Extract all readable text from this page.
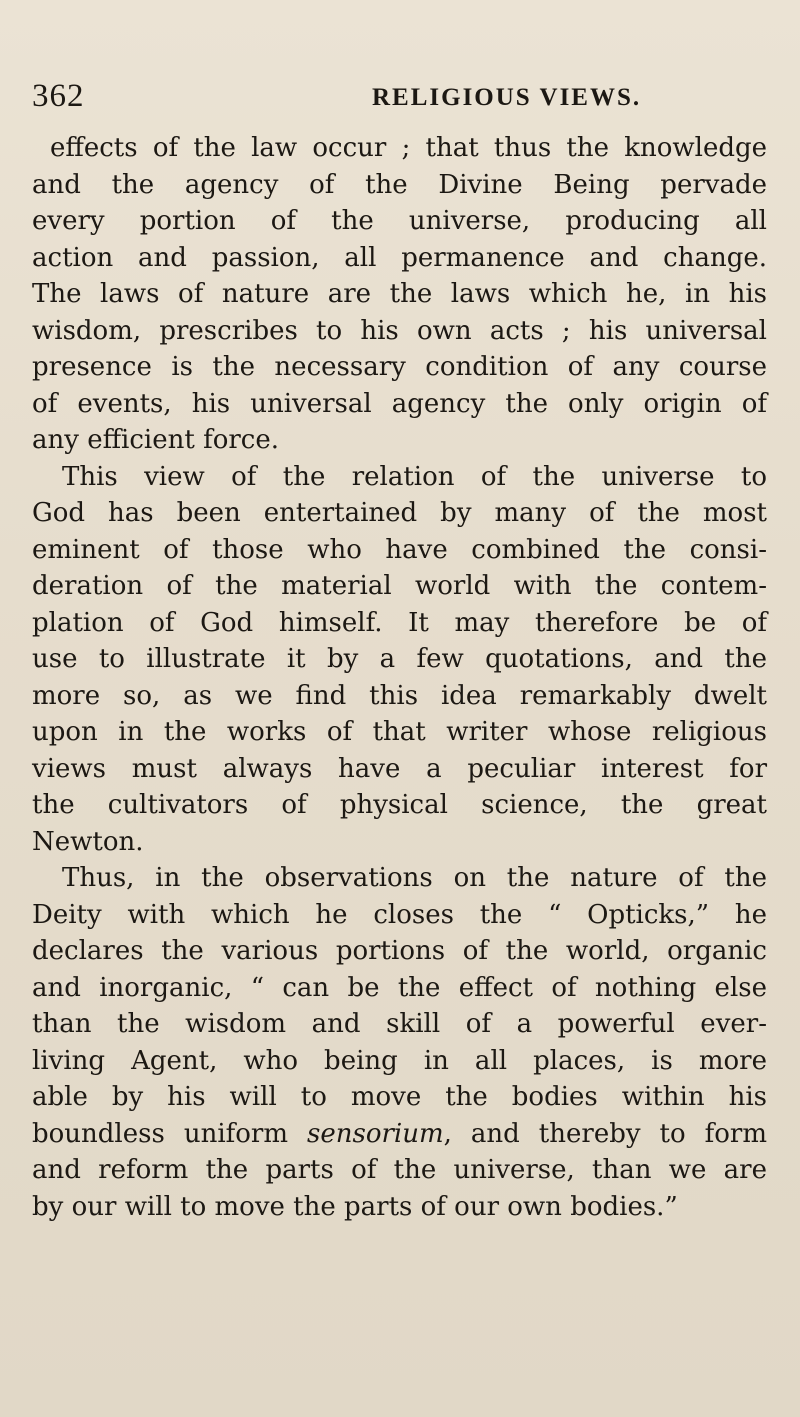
362	RELIGIOUS VIEWS.
effects of the law occur ; that thus the knowledge
and the agency of the Divine Being pervade
every portion of the universe, producing all
action and passion, all permanence and change.
The laws of nature are the laws which he, in his
wisdom, prescribes to his own acts ; his universal
presence is the necessary condition of any course
of events, his universal agency the only origin of
any efficient force.
This view of the relation of the universe to
God has been entertained by many of the most
eminent of those who have combined the consi-
deration of the material world with the contem-
plation of God himself. It may therefore be of
use to illustrate it by a few quotations, and the
more so, as we find this idea remarkably dwelt
upon in the works of that writer whose religious
views must always have a peculiar interest for
the cultivators of physical science, the great
Newton.
Thus, in the observations on the nature of the
Deity with which he closes the “ Opticks,” he
declares the various portions of the world, organic
and inorganic, “ can be the effect of nothing else
than the wisdom and skill of a powerful ever-
living Agent, who being in all places, is more
able by his will to move the bodies within his
boundless uniform sensorium, and thereby to form
and reform the parts of the universe, than we are
by our will to move the parts of our own bodies.”
